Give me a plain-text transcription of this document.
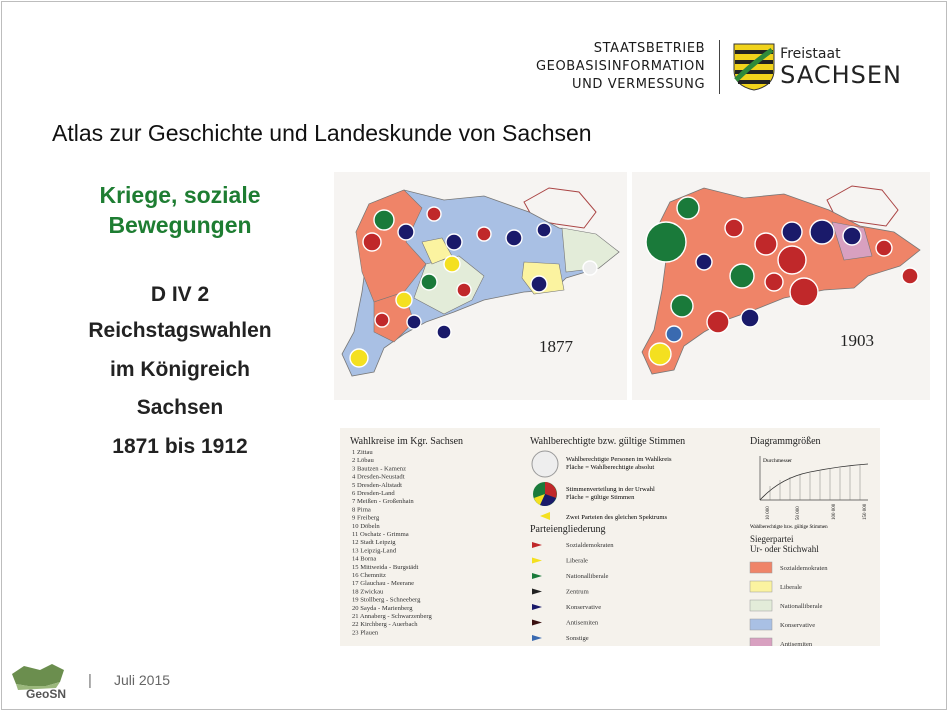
STAATSBETRIEB
GEOBASISINFORMATION
UND VERMESSUNG
Freistaat
SACHSEN
Atlas zur Geschichte und Landeskunde von Sachsen
Kriege, soziale
Bewegungen
D IV 2
Reichstagswahlen
im Königreich
Sachsen
1871 bis 1912
1877	1903
Wahlkreise im Kgr. Sachsen
1 Zittau
2 Löbau
3 Bautzen - Kamenz
4 Dresden-Neustadt
5 Dresden-Altstadt
6 Dresden-Land
7 Meißen - Großenhain
8 Pirna
9 Freiberg
10 Döbeln
11 Oschatz - Grimma
12 Stadt Leipzig
13 Leipzig-Land
14 Borna
15 Mittweida - Burgstädt
16 Chemnitz
17 Glauchau - Meerane
18 Zwickau
19 Stollberg - Schneeberg
20 Sayda - Marienberg
21 Annaberg - Schwarzenberg
22 Kirchberg - Auerbach
23 Plauen
Wahlberechtigte bzw. gültige Stimmen
Wahlberechtigte Personen im Wahlkreis
Fläche = Wahlberechtigte absolut
Stimmenverteilung in der Urwahl
Fläche = gültige Stimmen
Zwei Parteien des gleichen Spektrums
Parteiengliederung
Sozialdemokraten
Liberale
Nationalliberale
Zentrum
Konservative
Antisemiten
Sonstige
Diagrammgrößen
Durchmesser
10 000	50 000	100 000	150 000
Wahlberechtigte bzw. gültige Stimmen
Siegerpartei
Ur- oder Stichwahl
Sozialdemokraten
Liberale
Nationalliberale
Konservative
Antisemiten
GeoSN
| Juli 2015
